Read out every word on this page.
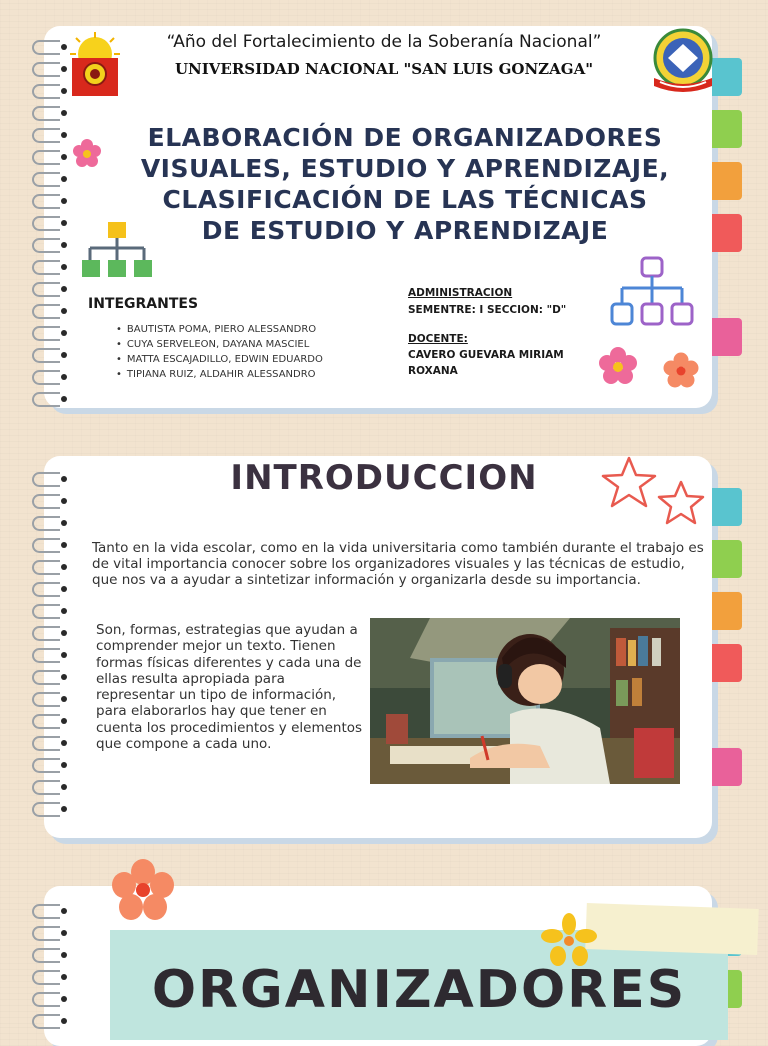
“Año del Fortalecimiento de la Soberanía Nacional”
UNIVERSIDAD NACIONAL "SAN LUIS GONZAGA"
ELABORACIÓN DE ORGANIZADORES
VISUALES, ESTUDIO Y APRENDIZAJE,
CLASIFICACIÓN DE LAS TÉCNICAS
DE ESTUDIO Y APRENDIZAJE
INTEGRANTES
• BAUTISTA POMA, PIERO ALESSANDRO
• CUYA SERVELEON, DAYANA MASCIEL
• MATTA ESCAJADILLO, EDWIN EDUARDO
• TIPIANA RUIZ, ALDAHIR ALESSANDRO
ADMINISTRACION
SEMENTRE: I SECCION: "D"
DOCENTE:
CAVERO GUEVARA MIRIAM
ROXANA
INTRODUCCION
Tanto en la vida escolar, como en la vida universitaria como también durante el trabajo es de vital importancia conocer sobre los organizadores visuales y las técnicas de estudio, que nos va a ayudar a sintetizar información y organizarla desde su importancia.
Son, formas, estrategias que ayudan a comprender mejor un texto. Tienen formas físicas diferentes y cada una de ellas resulta apropiada para representar un tipo de información, para elaborarlos hay que tener en cuenta los procedimientos y elementos que compone a cada uno.
ORGANIZADORES
